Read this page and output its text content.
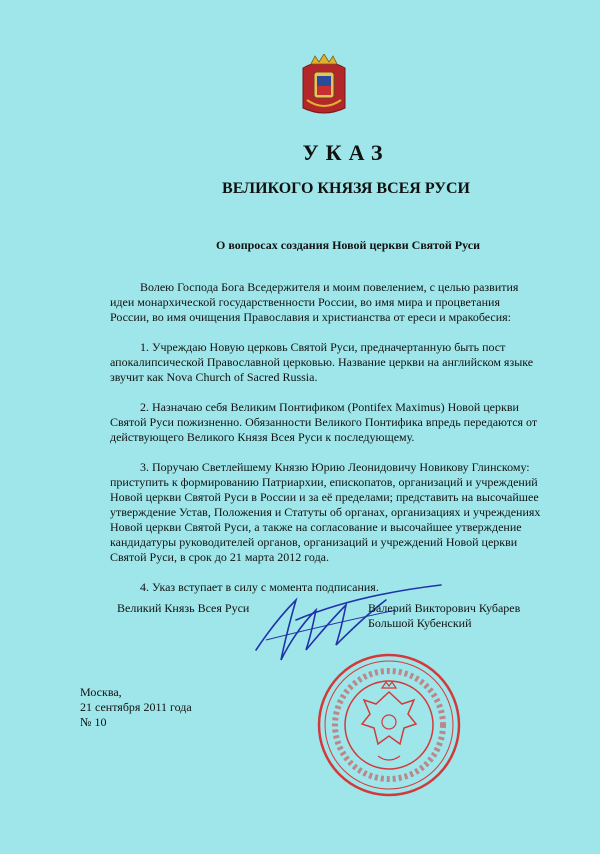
УКАЗ
ВЕЛИКОГО КНЯЗЯ ВСЕЯ РУСИ
О вопросах создания Новой церкви Святой Руси

Волею Господа Бога Вседержителя и моим повелением, с целью развития идеи монархической государственности России, во имя мира и процветания России, во имя очищения Православия и христианства от ереси и мракобесия:

1. Учреждаю Новую церковь Святой Руси, предначертанную быть пост апокалипсической Православной церковью. Название церкви на английском языке звучит как Nova Church of Sacred Russia.

2. Назначаю себя Великим Понтификом (Pontifex Maximus) Новой церкви Святой Руси пожизненно. Обязанности Великого Понтифика впредь передаются от действующего Великого Князя Всея Руси к последующему.

3. Поручаю Светлейшему Князю Юрию Леонидовичу Новикову Глинскому: приступить к формированию Патриархии, епископатов, организаций и учреждений Новой церкви Святой Руси в России и за её пределами; представить на высочайшее утверждение Устав, Положения и Статуты об органах, организациях и учреждениях Новой церкви Святой Руси, а также на согласование и высочайшее утверждение кандидатуры руководителей органов, организаций и учреждений Новой церкви Святой Руси, в срок до 21 марта 2012 года.

4. Указ вступает в силу с момента подписания.

Великий Князь Всея Руси	Валерий Викторович Кубарев
Большой Кубенский
Москва,
21 сентября 2011 года
№ 10
